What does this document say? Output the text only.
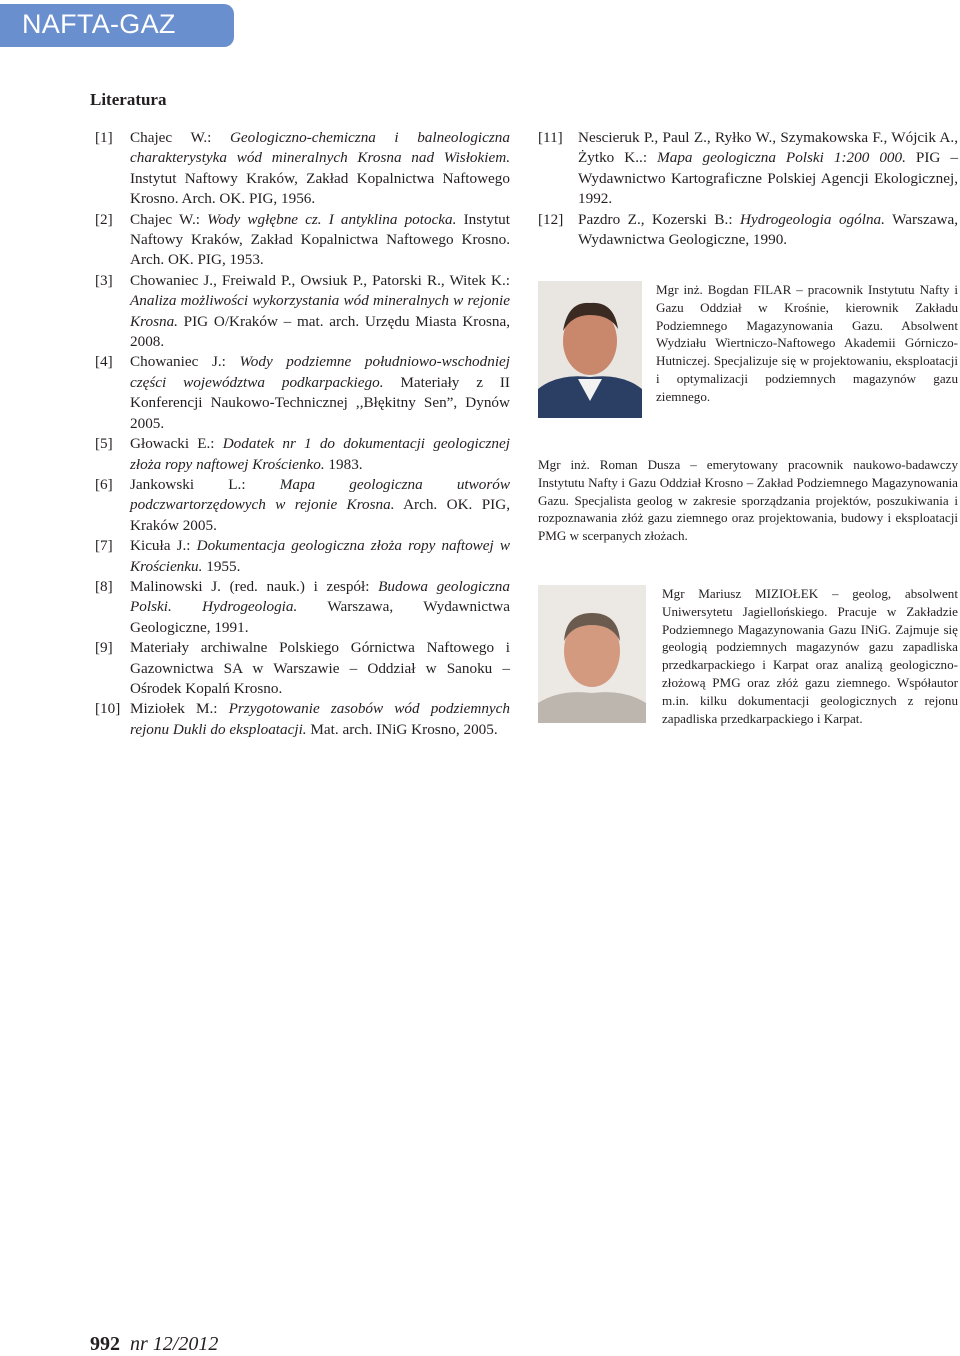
NAFTA-GAZ
Literatura
[1] Chajec W.: Geologiczno-chemiczna i balneologiczna charakterystyka wód mineralnych Krosna nad Wisłokiem. Instytut Naftowy Kraków, Zakład Kopalnictwa Naftowego Krosno. Arch. OK. PIG, 1956.
[2] Chajec W.: Wody wgłębne cz. I antyklina potocka. Instytut Naftowy Kraków, Zakład Kopalnictwa Naftowego Krosno. Arch. OK. PIG, 1953.
[3] Chowaniec J., Freiwald P., Owsiuk P., Patorski R., Witek K.: Analiza możliwości wykorzystania wód mineralnych w rejonie Krosna. PIG O/Kraków – mat. arch. Urzędu Miasta Krosna, 2008.
[4] Chowaniec J.: Wody podziemne południowo-wschodniej części województwa podkarpackiego. Materiały z II Konferencji Naukowo-Technicznej ,,Błękitny Sen”, Dynów 2005.
[5] Głowacki E.: Dodatek nr 1 do dokumentacji geologicznej złoża ropy naftowej Krościenko. 1983.
[6] Jankowski L.: Mapa geologiczna utworów podczwartorzędowych w rejonie Krosna. Arch. OK. PIG, Kraków 2005.
[7] Kicuła J.: Dokumentacja geologiczna złoża ropy naftowej w Krościenku. 1955.
[8] Malinowski J. (red. nauk.) i zespół: Budowa geologiczna Polski. Hydrogeologia. Warszawa, Wydawnictwa Geologiczne, 1991.
[9] Materiały archiwalne Polskiego Górnictwa Naftowego i Gazownictwa SA w Warszawie – Oddział w Sanoku – Ośrodek Kopalń Krosno.
[10] Miziołek M.: Przygotowanie zasobów wód podziemnych rejonu Dukli do eksploatacji. Mat. arch. INiG Krosno, 2005.
[11] Nescieruk P., Paul Z., Ryłko W., Szymakowska F., Wójcik A., Żytko K..: Mapa geologiczna Polski 1:200 000. PIG – Wydawnictwo Kartograficzne Polskiej Agencji Ekologicznej, 1992.
[12] Pazdro Z., Kozerski B.: Hydrogeologia ogólna. Warszawa, Wydawnictwa Geologiczne, 1990.
Mgr inż. Bogdan FILAR – pracownik Instytutu Nafty i Gazu Oddział w Krośnie, kierownik Zakładu Podziemnego Magazynowania Gazu. Absolwent Wydziału Wiertniczo-Naftowego Akademii Górniczo-Hutniczej. Specjalizuje się w projektowaniu, eksploatacji i optymalizacji podziemnych magazynów gazu ziemnego.
Mgr inż. Roman Dusza – emerytowany pracownik naukowo-badawczy Instytutu Nafty i Gazu Oddział Krosno – Zakład Podziemnego Magazynowania Gazu. Specjalista geolog w zakresie sporządzania projektów, poszukiwania i rozpoznawania złóż gazu ziemnego oraz projektowania, budowy i eksploatacji PMG w scerpanych złożach.
Mgr Mariusz MIZIOŁEK – geolog, absolwent Uniwersytetu Jagiellońskiego. Pracuje w Zakładzie Podziemnego Magazynowania Gazu INiG. Zajmuje się geologią podziemnych magazynów gazu zapadliska przedkarpackiego i Karpat oraz analizą geologiczno-złożową PMG oraz złóż gazu ziemnego. Współautor m.in. kilku dokumentacji geologicznych z rejonu zapadliska przedkarpackiego i Karpat.
992 nr 12/2012
